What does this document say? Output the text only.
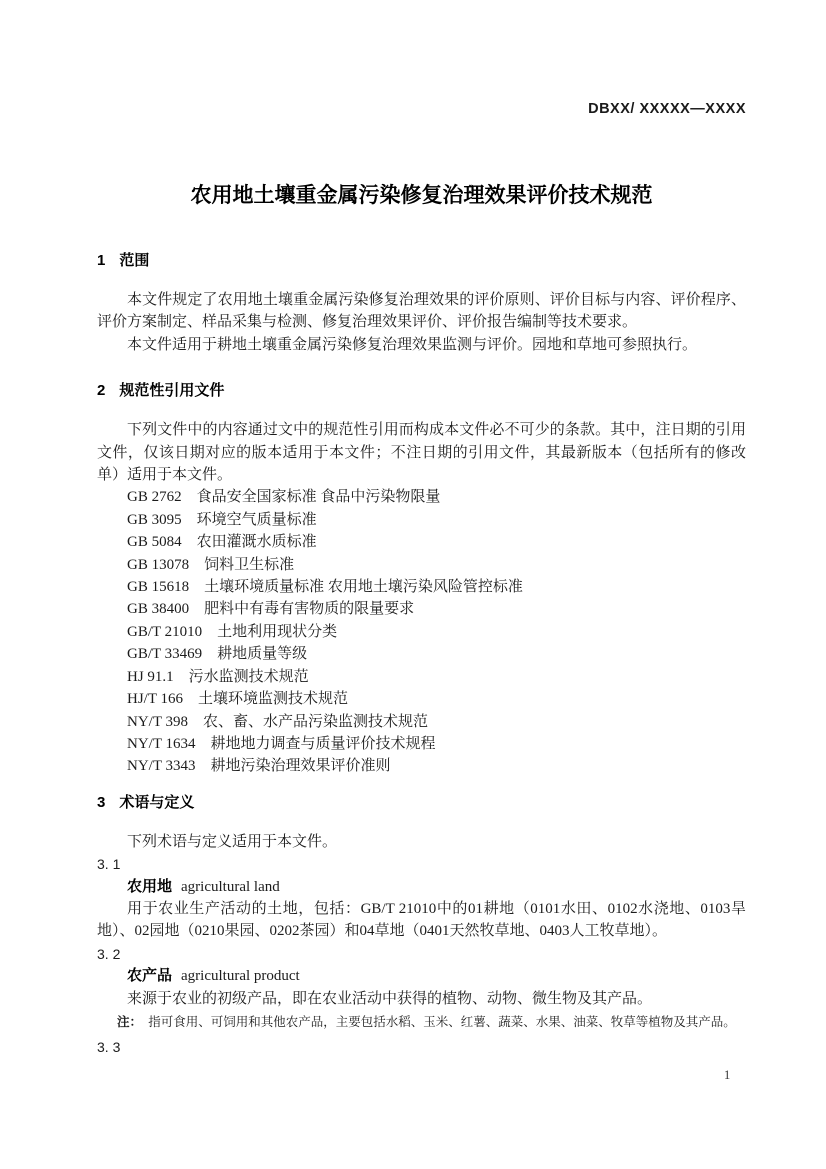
DBXX/ XXXXX—XXXX
农用地土壤重金属污染修复治理效果评价技术规范
1 范围

本文件规定了农用地土壤重金属污染修复治理效果的评价原则、评价目标与内容、评价程序、评价方案制定、样品采集与检测、修复治理效果评价、评价报告编制等技术要求。

本文件适用于耕地土壤重金属污染修复治理效果监测与评价。园地和草地可参照执行。

2 规范性引用文件

下列文件中的内容通过文中的规范性引用而构成本文件必不可少的条款。其中，注日期的引用文件，仅该日期对应的版本适用于本文件；不注日期的引用文件，其最新版本（包括所有的修改单）适用于本文件。

GB 2762 食品安全国家标准 食品中污染物限量
GB 3095 环境空气质量标准
GB 5084 农田灌溉水质标准
GB 13078 饲料卫生标准
GB 15618 土壤环境质量标准 农用地土壤污染风险管控标准
GB 38400 肥料中有毒有害物质的限量要求
GB/T 21010 土地利用现状分类
GB/T 33469 耕地质量等级
HJ 91.1 污水监测技术规范
HJ/T 166 土壤环境监测技术规范
NY/T 398 农、畜、水产品污染监测技术规范
NY/T 1634 耕地地力调查与质量评价技术规程
NY/T 3343 耕地污染治理效果评价准则
3 术语与定义

下列术语与定义适用于本文件。

3. 1
农用地 agricultural land

用于农业生产活动的土地，包括：GB/T 21010中的01耕地（0101水田、0102水浇地、0103旱地）、02园地（0210果园、0202茶园）和04草地（0401天然牧草地、0403人工牧草地）。

3. 2
农产品 agricultural product

来源于农业的初级产品，即在农业活动中获得的植物、动物、微生物及其产品。

注： 指可食用、可饲用和其他农产品，主要包括水稻、玉米、红薯、蔬菜、水果、油菜、牧草等植物及其产品。
3. 3
1
